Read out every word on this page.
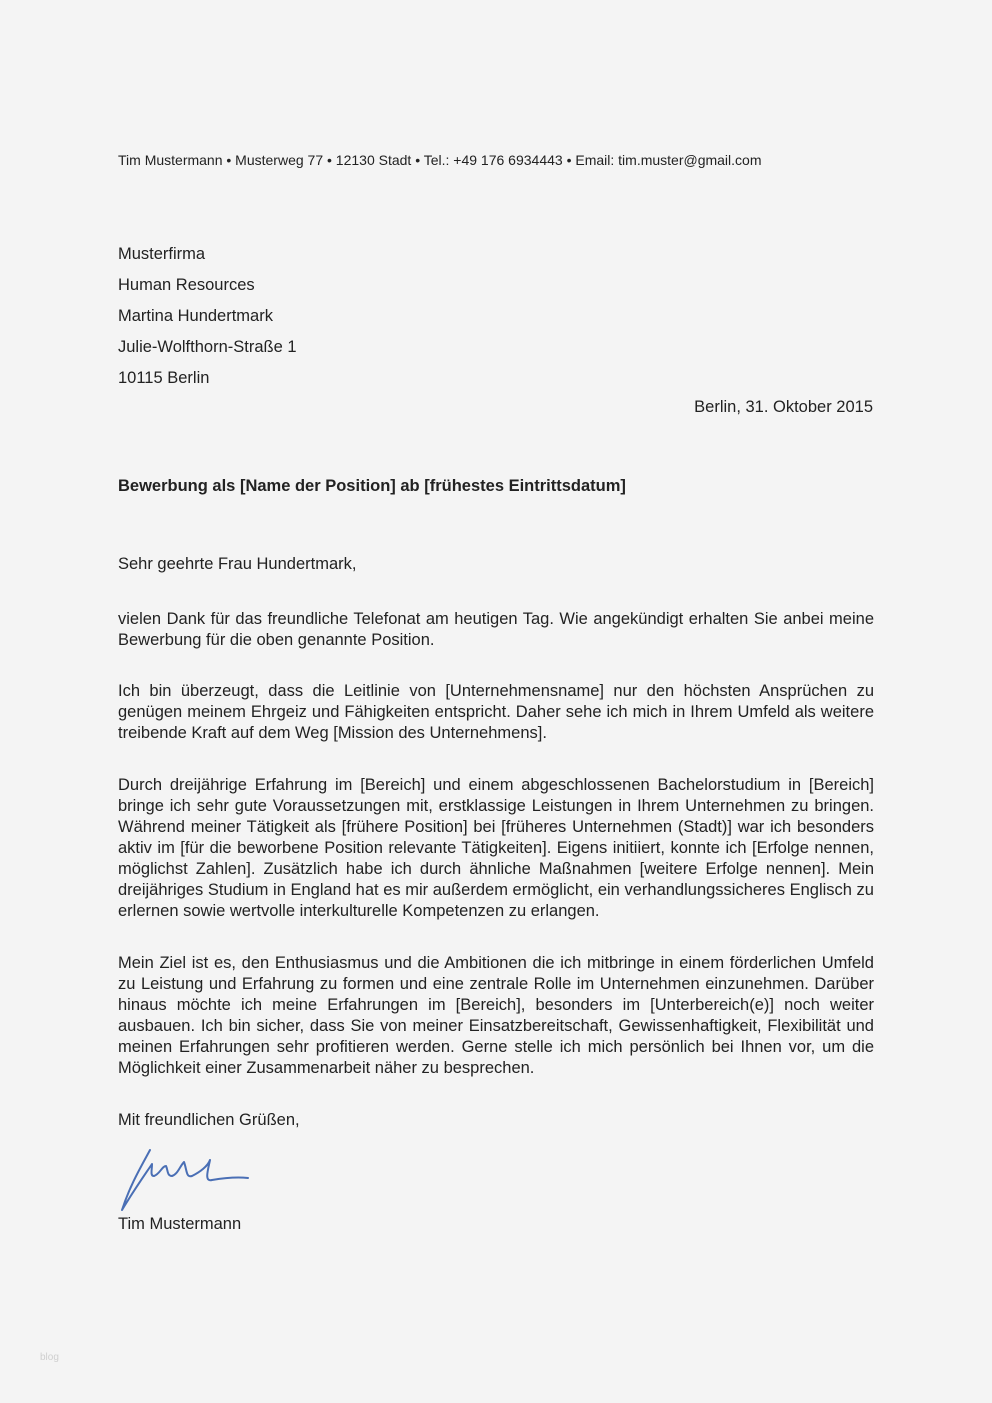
Tim Mustermann • Musterweg 77 • 12130 Stadt • Tel.: +49 176 6934443 • Email: tim.muster@gmail.com
Musterfirma
Human Resources
Martina Hundertmark
Julie-Wolfthorn-Straße 1
10115 Berlin
Berlin, 31. Oktober 2015
Bewerbung als [Name der Position] ab [frühestes Eintrittsdatum]
Sehr geehrte Frau Hundertmark,

vielen Dank für das freundliche Telefonat am heutigen Tag. Wie angekündigt erhalten Sie anbei meine Bewerbung für die oben genannte Position.

Ich bin überzeugt, dass die Leitlinie von [Unternehmensname] nur den höchsten Ansprüchen zu genügen meinem Ehrgeiz und Fähigkeiten entspricht. Daher sehe ich mich in Ihrem Umfeld als weitere treibende Kraft auf dem Weg [Mission des Unternehmens].

Durch dreijährige Erfahrung im [Bereich] und einem abgeschlossenen Bachelorstudium in [Bereich] bringe ich sehr gute Voraussetzungen mit, erstklassige Leistungen in Ihrem Unternehmen zu bringen. Während meiner Tätigkeit als [frühere Position] bei [früheres Unternehmen (Stadt)] war ich besonders aktiv im [für die beworbene Position relevante Tätigkeiten]. Eigens initiiert, konnte ich [Erfolge nennen, möglichst Zahlen]. Zusätzlich habe ich durch ähnliche Maßnahmen [weitere Erfolge nennen]. Mein dreijähriges Studium in England hat es mir außerdem ermöglicht, ein verhandlungssicheres Englisch zu erlernen sowie wertvolle interkulturelle Kompetenzen zu erlangen.

Mein Ziel ist es, den Enthusiasmus und die Ambitionen die ich mitbringe in einem förderlichen Umfeld zu Leistung und Erfahrung zu formen und eine zentrale Rolle im Unternehmen einzunehmen. Darüber hinaus möchte ich meine Erfahrungen im [Bereich], besonders im [Unterbereich(e)] noch weiter ausbauen. Ich bin sicher, dass Sie von meiner Einsatzbereitschaft, Gewissenhaftigkeit, Flexibilität und meinen Erfahrungen sehr profitieren werden. Gerne stelle ich mich persönlich bei Ihnen vor, um die Möglichkeit einer Zusammenarbeit näher zu besprechen.

Mit freundlichen Grüßen,
Tim Mustermann
blog
